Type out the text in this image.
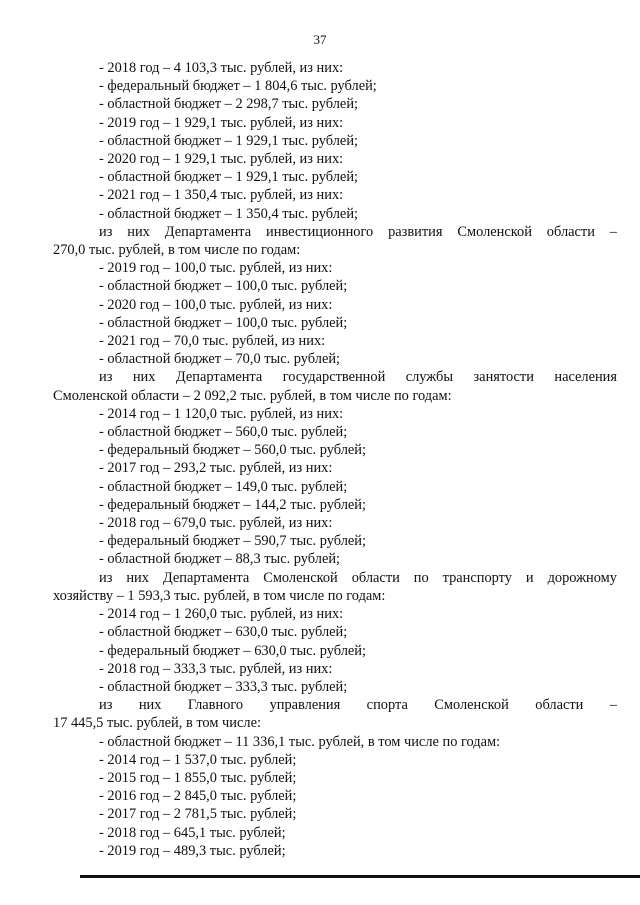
37
- 2018 год – 4 103,3 тыс. рублей, из них:
- федеральный бюджет – 1 804,6 тыс. рублей;
- областной бюджет – 2 298,7 тыс. рублей;
- 2019 год – 1 929,1 тыс. рублей, из них:
- областной бюджет – 1 929,1 тыс. рублей;
- 2020 год – 1 929,1 тыс. рублей, из них:
- областной бюджет – 1 929,1 тыс. рублей;
- 2021 год – 1 350,4 тыс. рублей, из них:
- областной бюджет – 1 350,4 тыс. рублей;
из них Департамента инвестиционного развития Смоленской области –
270,0 тыс. рублей, в том числе по годам:
- 2019 год – 100,0 тыс. рублей, из них:
- областной бюджет – 100,0 тыс. рублей;
- 2020 год – 100,0 тыс. рублей, из них:
- областной бюджет – 100,0 тыс. рублей;
- 2021 год – 70,0 тыс. рублей, из них:
- областной бюджет – 70,0 тыс. рублей;
из них Департамента государственной службы занятости населения
Смоленской области – 2 092,2 тыс. рублей, в том числе по годам:
- 2014 год – 1 120,0 тыс. рублей, из них:
- областной бюджет – 560,0 тыс. рублей;
- федеральный бюджет – 560,0 тыс. рублей;
- 2017 год – 293,2 тыс. рублей, из них:
- областной бюджет – 149,0 тыс. рублей;
- федеральный бюджет – 144,2 тыс. рублей;
- 2018 год – 679,0 тыс. рублей, из них:
- федеральный бюджет – 590,7 тыс. рублей;
- областной бюджет – 88,3 тыс. рублей;
из них Департамента Смоленской области по транспорту и дорожному
хозяйству – 1 593,3 тыс. рублей, в том числе по годам:
- 2014 год – 1 260,0 тыс. рублей, из них:
- областной бюджет – 630,0 тыс. рублей;
- федеральный бюджет – 630,0 тыс. рублей;
- 2018 год – 333,3 тыс. рублей, из них:
- областной бюджет – 333,3 тыс. рублей;
из них Главного управления спорта Смоленской области –
17 445,5 тыс. рублей, в том числе:
- областной бюджет – 11 336,1 тыс. рублей, в том числе по годам:
- 2014 год – 1 537,0 тыс. рублей;
- 2015 год – 1 855,0 тыс. рублей;
- 2016 год – 2 845,0 тыс. рублей;
- 2017 год – 2 781,5 тыс. рублей;
- 2018 год – 645,1 тыс. рублей;
- 2019 год – 489,3 тыс. рублей;
